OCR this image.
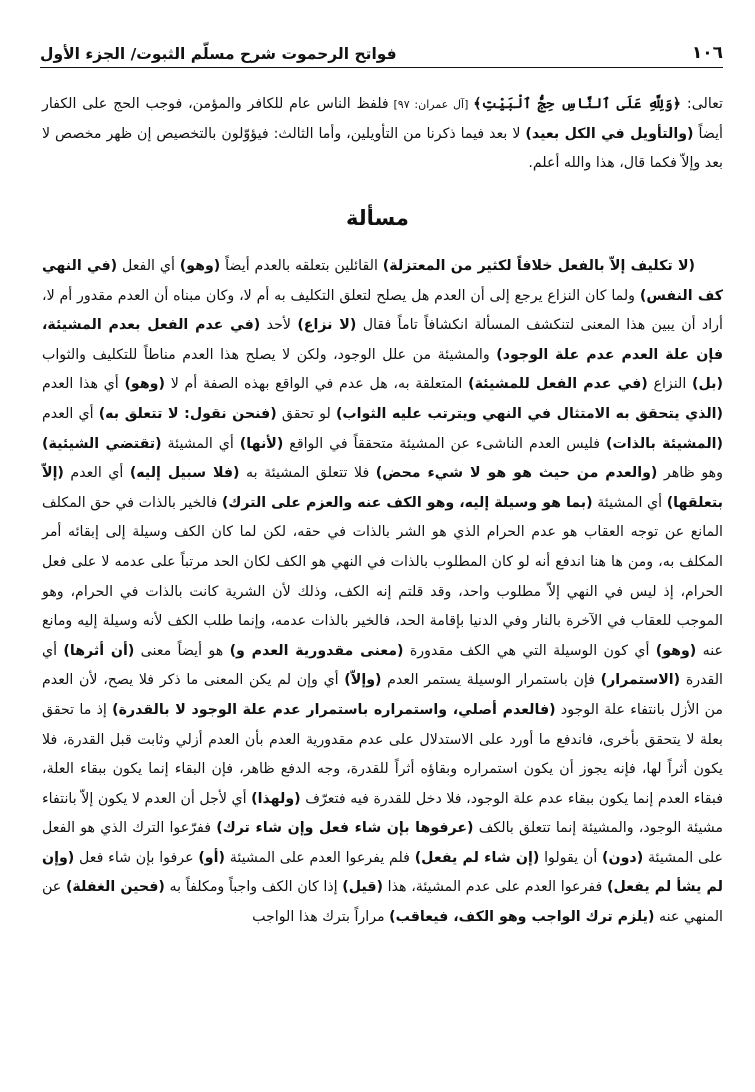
١٠٦
فواتح الرحموت شرح مسلّم الثبوت/ الجزء الأول

تعالى: ﴿وَلِلَّهِ عَلَى ٱلنَّاسِ حِجُّ ٱلْبَيْتِ﴾ [آل عمران: ٩٧] فلفظ الناس عام للكافر والمؤمن، فوجب الحج على الكفار أيضاً (والتأويل في الكل بعيد) لا بعد فيما ذكرنا من التأويلين، وأما الثالث: فيؤوّلون بالتخصيص إن ظهر مخصص لا بعد وإلاّ فكما قال، هذا والله أعلم.

مسألة

(لا تكليف إلاّ بالفعل خلافاً لكثير من المعتزلة) القائلين بتعلقه بالعدم أيضاً (وهو) أي الفعل (في النهي كف النفس) ولما كان النزاع يرجع إلى أن العدم هل يصلح لتعلق التكليف به أم لا، وكان مبناه أن العدم مقدور أم لا، أراد أن يبين هذا المعنى لتنكشف المسألة انكشافاً تاماً فقال (لا نزاع) لأحد (في عدم الفعل بعدم المشيئة، فإن علة العدم عدم علة الوجود) والمشيئة من علل الوجود، ولكن لا يصلح هذا العدم مناطاً للتكليف والثواب (بل) النزاع (في عدم الفعل للمشيئة) المتعلقة به، هل عدم في الواقع بهذه الصفة أم لا (وهو) أي هذا العدم (الذي يتحقق به الامتثال في النهي ويترتب عليه الثواب) لو تحقق (فنحن نقول: لا تتعلق به) أي العدم (المشيئة بالذات) فليس العدم الناشىء عن المشيئة متحققاً في الواقع (لأنها) أي المشيئة (تقتضي الشيئية) وهو ظاهر (والعدم من حيث هو هو لا شيء محض) فلا تتعلق المشيئة به (فلا سبيل إليه) أي العدم (إلاّ بتعلقها) أي المشيئة (بما هو وسيلة إليه، وهو الكف عنه والعزم على الترك) فالخير بالذات في حق المكلف المانع عن توجه العقاب هو عدم الحرام الذي هو الشر بالذات في حقه، لكن لما كان الكف وسيلة إلى إبقائه أمر المكلف به، ومن ها هنا اندفع أنه لو كان المطلوب بالذات في النهي هو الكف لكان الحد مرتباً على عدمه لا على فعل الحرام، إذ ليس في النهي إلاّ مطلوب واحد، وقد قلتم إنه الكف، وذلك لأن الشرية كانت بالذات في الحرام، وهو الموجب للعقاب في الآخرة بالنار وفي الدنيا بإقامة الحد، فالخير بالذات عدمه، وإنما طلب الكف لأنه وسيلة إليه ومانع عنه (وهو) أي كون الوسيلة التي هي الكف مقدورة (معنى مقدورية العدم و) هو أيضاً معنى (أن أثرها) أي القدرة (الاستمرار) فإن باستمرار الوسيلة يستمر العدم (وإلاّ) أي وإن لم يكن المعنى ما ذكر فلا يصح، لأن العدم من الأزل بانتفاء علة الوجود (فالعدم أصلي، واستمراره باستمرار عدم علة الوجود لا بالقدرة) إذ ما تحقق بعلة لا يتحقق بأخرى، فاندفع ما أورد على الاستدلال على عدم مقدورية العدم بأن العدم أزلي وثابت قبل القدرة، فلا يكون أثراً لها، فإنه يجوز أن يكون استمراره وبقاؤه أثراً للقدرة، وجه الدفع ظاهر، فإن البقاء إنما يكون ببقاء العلة، فبقاء العدم إنما يكون ببقاء عدم علة الوجود، فلا دخل للقدرة فيه فتعرّف (ولهذا) أي لأجل أن العدم لا يكون إلاّ بانتفاء مشيئة الوجود، والمشيئة إنما تتعلق بالكف (عرفوها بإن شاء فعل وإن شاء ترك) ففرّعوا الترك الذي هو الفعل على المشيئة (دون) أن يقولوا (إن شاء لم يفعل) فلم يفرعوا العدم على المشيئة (أو) عرفوا بإن شاء فعل (وإن لم يشأ لم يفعل) ففرعوا العدم على عدم المشيئة، هذا (قيل) إذا كان الكف واجباً ومكلفاً به (فحين الغفلة) عن المنهي عنه (يلزم ترك الواجب وهو الكف، فيعاقب) مراراً بترك هذا الواجب
